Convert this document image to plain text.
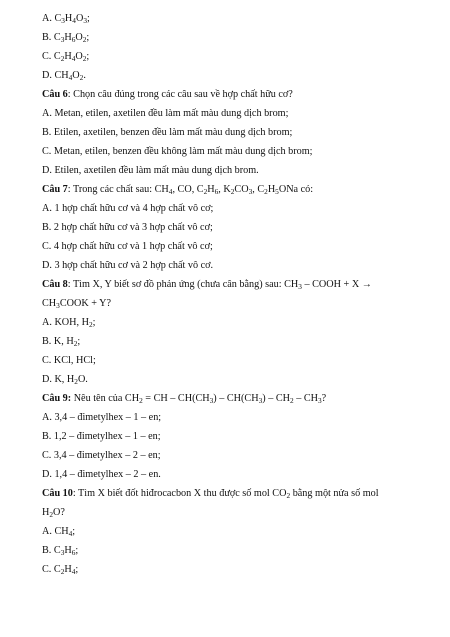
A. $C_3H_4O_3$;
B. $C_3H_6O_2$;
C. $C_2H_4O_2$;
D. $CH_4O_2$.
Câu 6: Chọn câu đúng trong các câu sau về hợp chất hữu cơ?
A. Metan, etilen, axetilen đều làm mất màu dung dịch brom;
B. Etilen, axetilen, benzen đều làm mất màu dung dịch brom;
C. Metan, etilen, benzen đều không làm mất màu dung dịch brom;
D. Etilen, axetilen đều làm mất màu dung dịch brom.
Câu 7: Trong các chất sau: $CH_4$, CO, $C_2H_6$, $K_2CO_3$, $C_2H_5ONa$ có:
A. 1 hợp chất hữu cơ và 4 hợp chất vô cơ;
B. 2 hợp chất hữu cơ và 3 hợp chất vô cơ;
C. 4 hợp chất hữu cơ và 1 hợp chất vô cơ;
D. 3 hợp chất hữu cơ và 2 hợp chất vô cơ.
Câu 8: Tìm X, Y biết sơ đồ phản ứng (chưa cân bằng) sau: $CH_3$ – COOH + X →
$CH_3COOK + Y$?
A. KOH, $H_2$;
B. K, $H_2$;
C. KCl, HCl;
D. K, $H_2O$.
Câu 9: Nêu tên của $CH_2$ = CH – $CH(CH_3) - CH(CH_3) - CH_2 - CH_3$?
A. 3,4 – đimetylhex – 1 – en;
B. 1,2 – đimetylhex – 1 – en;
C. 3,4 – đimetylhex – 2 – en;
D. 1,4 – đimetylhex – 2 – en.
Câu 10: Tìm X biết đốt hiđrocacbon X thu được số mol $CO_2$ bằng một nửa số mol
$H_2O$?
A. $CH_4$;
B. $C_3H_6$;
C. $C_2H_4$;
